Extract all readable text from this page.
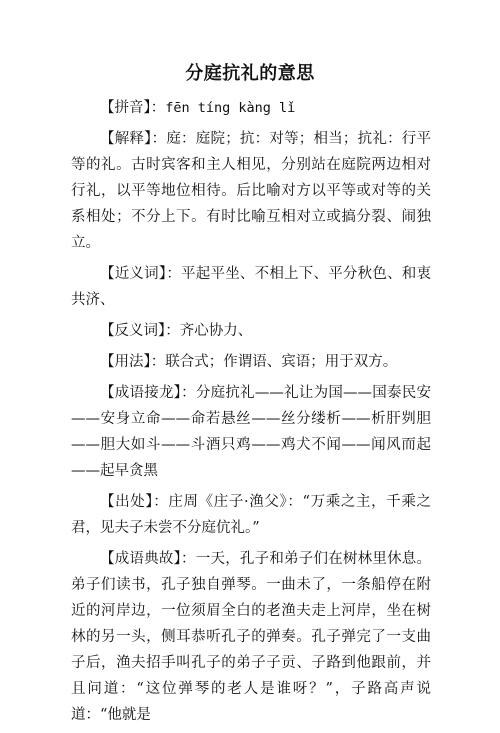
分庭抗礼的意思

【拼音】：fēn tíng kàng lǐ

【解释】：庭：庭院；抗：对等；相当；抗礼：行平等的礼。古时宾客和主人相见，分别站在庭院两边相对行礼，以平等地位相待。后比喻对方以平等或对等的关系相处；不分上下。有时比喻互相对立或搞分裂、闹独立。

【近义词】：平起平坐、不相上下、平分秋色、和衷共济、

【反义词】：齐心协力、

【用法】：联合式；作谓语、宾语；用于双方。

【成语接龙】：分庭抗礼——礼让为国——国泰民安——安身立命——命若悬丝——丝分缕析——析肝刿胆——胆大如斗——斗酒只鸡——鸡犬不闻——闻风而起——起早贪黑

【出处】：庄周《庄子·渔父》：“万乘之主，千乘之君，见夫子未尝不分庭伉礼。”

【成语典故】：一天，孔子和弟子们在树林里休息。弟子们读书，孔子独自弹琴。一曲未了，一条船停在附近的河岸边，一位须眉全白的老渔夫走上河岸，坐在树林的另一头，侧耳恭听孔子的弹奏。孔子弹完了一支曲子后，渔夫招手叫孔子的弟子子贡、子路到他跟前，并且问道：“这位弹琴的老人是谁呀？”，子路高声说道：“他就是
